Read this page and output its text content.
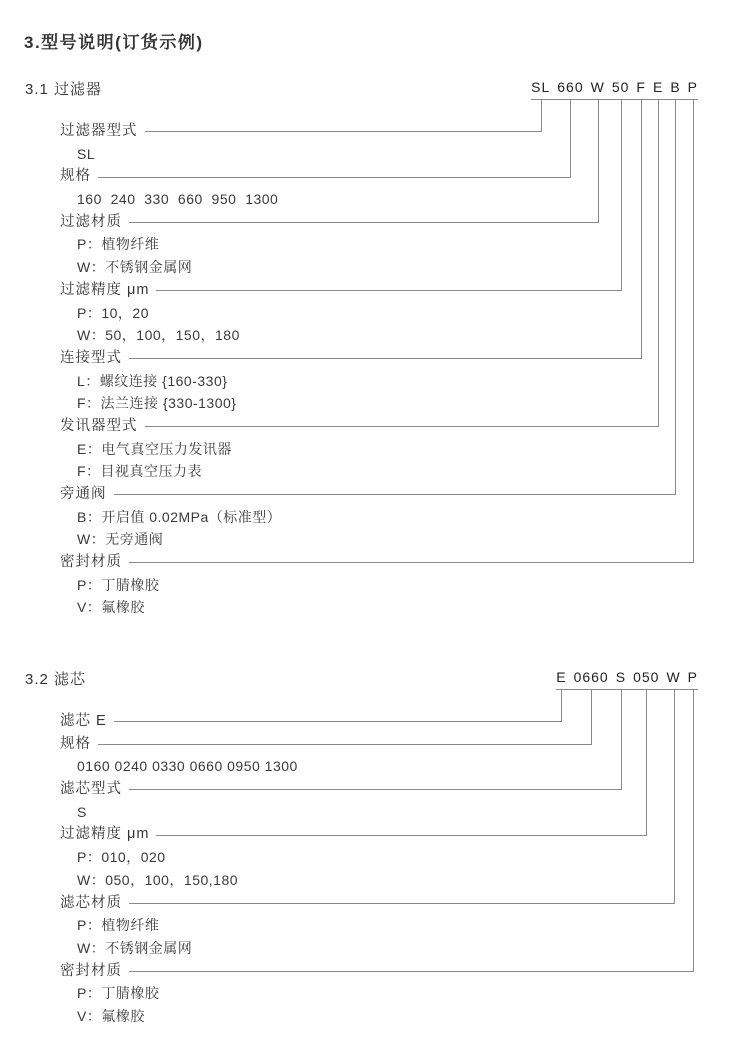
3.型号说明(订货示例)
3.1 过滤器	SL 660 W 50 F E B P
过滤器型式
SL
规格
160  240  330  660  950  1300
过滤材质
P：植物纤维
W：不锈钢金属网
过滤精度 μm
P：10，20
W：50，100，150，180
连接型式
L：螺纹连接 {160-330}
F：法兰连接 {330-1300}
发讯器型式
E：电气真空压力发讯器
F：目视真空压力表
旁通阀
B：开启值 0.02MPa（标准型）
W：无旁通阀
密封材质
P：丁腈橡胶
V：氟橡胶
3.2 滤芯	E 0660 S 050 W P
滤芯 E
规格
0160 0240 0330 0660 0950 1300
滤芯型式
S
过滤精度 μm
P：010，020
W：050，100，150,180
滤芯材质
P：植物纤维
W：不锈钢金属网
密封材质
P：丁腈橡胶
V：氟橡胶
